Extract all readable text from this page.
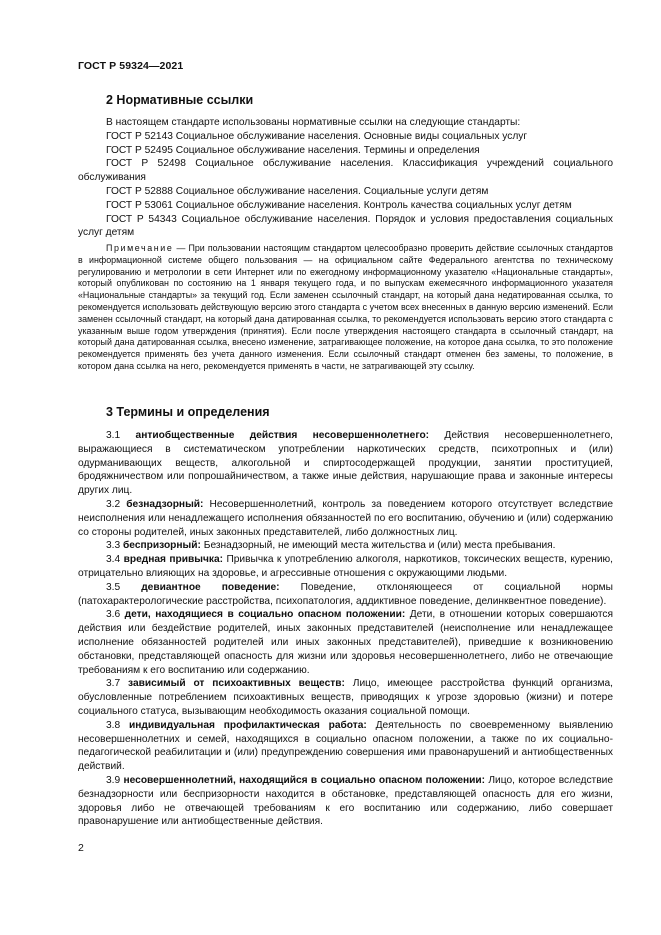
ГОСТ Р 59324—2021
2 Нормативные ссылки

В настоящем стандарте использованы нормативные ссылки на следующие стандарты:

ГОСТ Р 52143 Социальное обслуживание населения. Основные виды социальных услуг

ГОСТ Р 52495 Социальное обслуживание населения. Термины и определения

ГОСТ Р 52498 Социальное обслуживание населения. Классификация учреждений социального обслуживания

ГОСТ Р 52888 Социальное обслуживание населения. Социальные услуги детям

ГОСТ Р 53061 Социальное обслуживание населения. Контроль качества социальных услуг детям

ГОСТ Р 54343 Социальное обслуживание населения. Порядок и условия предоставления социальных услуг детям

Примечание — При пользовании настоящим стандартом целесообразно проверить действие ссылочных стандартов в информационной системе общего пользования — на официальном сайте Федерального агентства по техническому регулированию и метрологии в сети Интернет или по ежегодному информационному указателю «Национальные стандарты», который опубликован по состоянию на 1 января текущего года, и по выпускам ежемесячного информационного указателя «Национальные стандарты» за текущий год. Если заменен ссылочный стандарт, на который дана недатированная ссылка, то рекомендуется использовать действующую версию этого стандарта с учетом всех внесенных в данную версию изменений. Если заменен ссылочный стандарт, на который дана датированная ссылка, то рекомендуется использовать версию этого стандарта с указанным выше годом утверждения (принятия). Если после утверждения настоящего стандарта в ссылочный стандарт, на который дана датированная ссылка, внесено изменение, затрагивающее положение, на которое дана ссылка, то это положение рекомендуется применять без учета данного изменения. Если ссылочный стандарт отменен без замены, то положение, в котором дана ссылка на него, рекомендуется применять в части, не затрагивающей эту ссылку.

3 Термины и определения

3.1 антиобщественные действия несовершеннолетнего: Действия несовершеннолетнего, выражающиеся в систематическом употреблении наркотических средств, психотропных и (или) одурманивающих веществ, алкогольной и спиртосодержащей продукции, занятии проституцией, бродяжничеством или попрошайничеством, а также иные действия, нарушающие права и законные интересы других лиц.

3.2 безнадзорный: Несовершеннолетний, контроль за поведением которого отсутствует вследствие неисполнения или ненадлежащего исполнения обязанностей по его воспитанию, обучению и (или) содержанию со стороны родителей, иных законных представителей, либо должностных лиц.

3.3 беспризорный: Безнадзорный, не имеющий места жительства и (или) места пребывания.

3.4 вредная привычка: Привычка к употреблению алкоголя, наркотиков, токсических веществ, курению, отрицательно влияющих на здоровье, и агрессивные отношения с окружающими людьми.

3.5 девиантное поведение: Поведение, отклоняющееся от социальной нормы (патохарактерологические расстройства, психопатология, аддиктивное поведение, делинквентное поведение).

3.6 дети, находящиеся в социально опасном положении: Дети, в отношении которых совершаются действия или бездействие родителей, иных законных представителей (неисполнение или ненадлежащее исполнение обязанностей родителей или иных законных представителей), приведшие к возникновению обстановки, представляющей опасность для жизни или здоровья несовершеннолетнего, либо не отвечающие требованиям к его воспитанию или содержанию.

3.7 зависимый от психоактивных веществ: Лицо, имеющее расстройства функций организма, обусловленные потреблением психоактивных веществ, приводящих к угрозе здоровью (жизни) и потере социального статуса, вызывающим необходимость оказания социальной помощи.

3.8 индивидуальная профилактическая работа: Деятельность по своевременному выявлению несовершеннолетних и семей, находящихся в социально опасном положении, а также по их социально-педагогической реабилитации и (или) предупреждению совершения ими правонарушений и антиобщественных действий.

3.9 несовершеннолетний, находящийся в социально опасном положении: Лицо, которое вследствие безнадзорности или беспризорности находится в обстановке, представляющей опасность для его жизни, здоровья либо не отвечающей требованиям к его воспитанию или содержанию, либо совершает правонарушение или антиобщественные действия.

2
